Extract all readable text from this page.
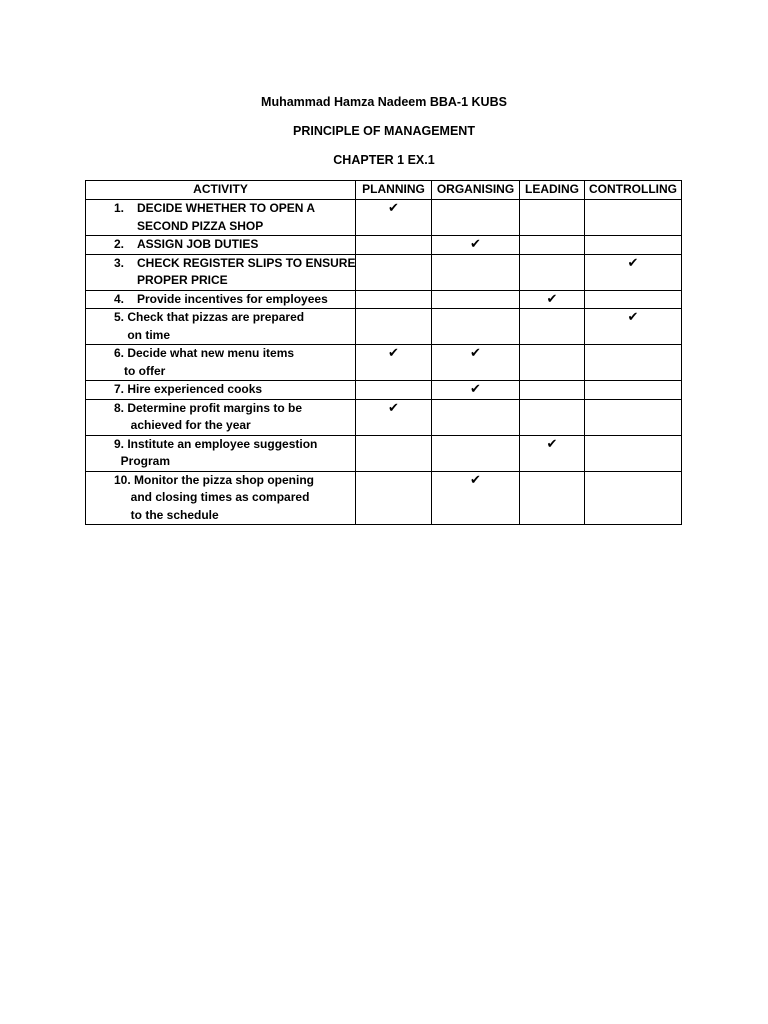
Muhammad Hamza Nadeem BBA-1 KUBS
PRINCIPLE OF MANAGEMENT
CHAPTER 1 EX.1
ACTIVITY	PLANNING	ORGANISING	LEADING	CONTROLLING

1. DECIDE WHETHER TO OPEN A
SECOND PIZZA SHOP	✔			

2. ASSIGN JOB DUTIES		✔		

3. CHECK REGISTER SLIPS TO ENSURE
PROPER PRICE				✔

4. Provide incentives for employees			✔	

5. Check that pizzas are prepared
on time				✔

6. Decide what new menu items
to offer	✔	✔		

7. Hire experienced cooks		✔		

8. Determine profit margins to be
achieved for the year	✔			

9. Institute an employee suggestion
Program			✔	

10. Monitor the pizza shop opening
and closing times as compared
to the schedule		✔		
